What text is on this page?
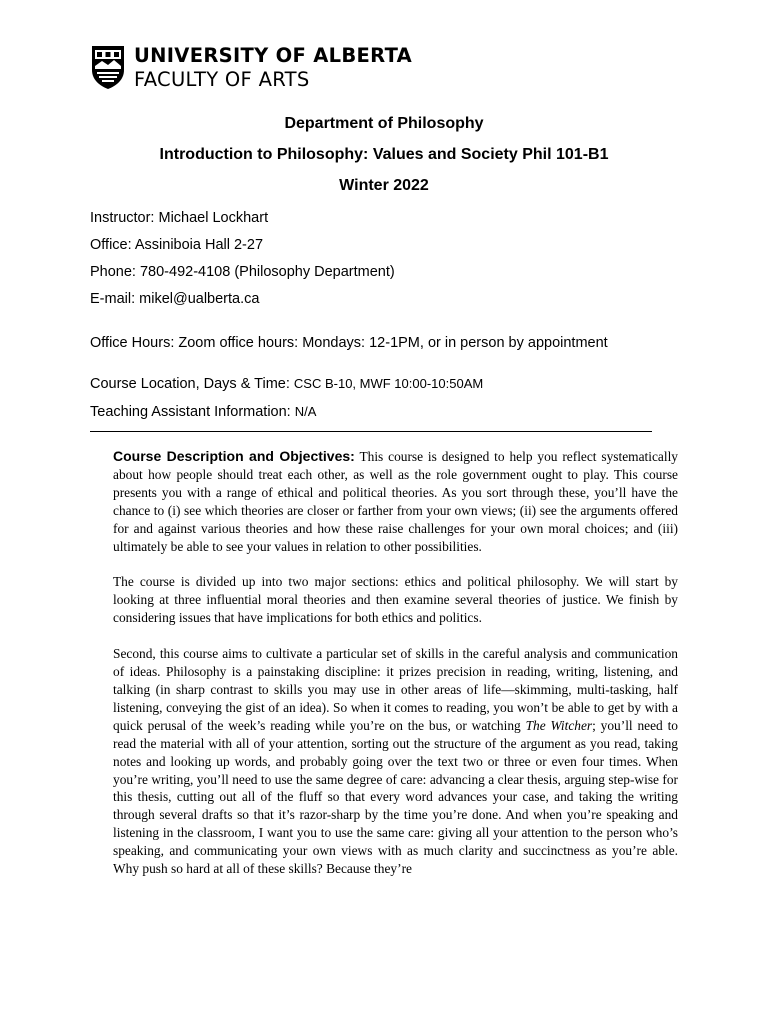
UNIVERSITY OF ALBERTA
FACULTY OF ARTS
Department of Philosophy
Introduction to Philosophy: Values and Society Phil 101-B1
Winter 2022
Instructor: Michael Lockhart
Office: Assiniboia Hall 2-27
Phone: 780-492-4108 (Philosophy Department)
E-mail: mikel@ualberta.ca
Office Hours: Zoom office hours: Mondays: 12-1PM, or in person by appointment
Course Location, Days & Time: CSC B-10, MWF 10:00-10:50AM
Teaching Assistant Information: N/A

Course Description and Objectives: This course is designed to help you reflect systematically about how people should treat each other, as well as the role government ought to play. This course presents you with a range of ethical and political theories. As you sort through these, you’ll have the chance to (i) see which theories are closer or farther from your own views; (ii) see the arguments offered for and against various theories and how these raise challenges for your own moral choices; and (iii) ultimately be able to see your values in relation to other possibilities.

The course is divided up into two major sections: ethics and political philosophy. We will start by looking at three influential moral theories and then examine several theories of justice. We finish by considering issues that have implications for both ethics and politics.

Second, this course aims to cultivate a particular set of skills in the careful analysis and communication of ideas. Philosophy is a painstaking discipline: it prizes precision in reading, writing, listening, and talking (in sharp contrast to skills you may use in other areas of life—skimming, multi-tasking, half listening, conveying the gist of an idea). So when it comes to reading, you won’t be able to get by with a quick perusal of the week’s reading while you’re on the bus, or watching The Witcher; you’ll need to read the material with all of your attention, sorting out the structure of the argument as you read, taking notes and looking up words, and probably going over the text two or three or even four times. When you’re writing, you’ll need to use the same degree of care: advancing a clear thesis, arguing step-wise for this thesis, cutting out all of the fluff so that every word advances your case, and taking the writing through several drafts so that it’s razor-sharp by the time you’re done. And when you’re speaking and listening in the classroom, I want you to use the same care: giving all your attention to the person who’s speaking, and communicating your own views with as much clarity and succinctness as you’re able. Why push so hard at all of these skills? Because they’re
